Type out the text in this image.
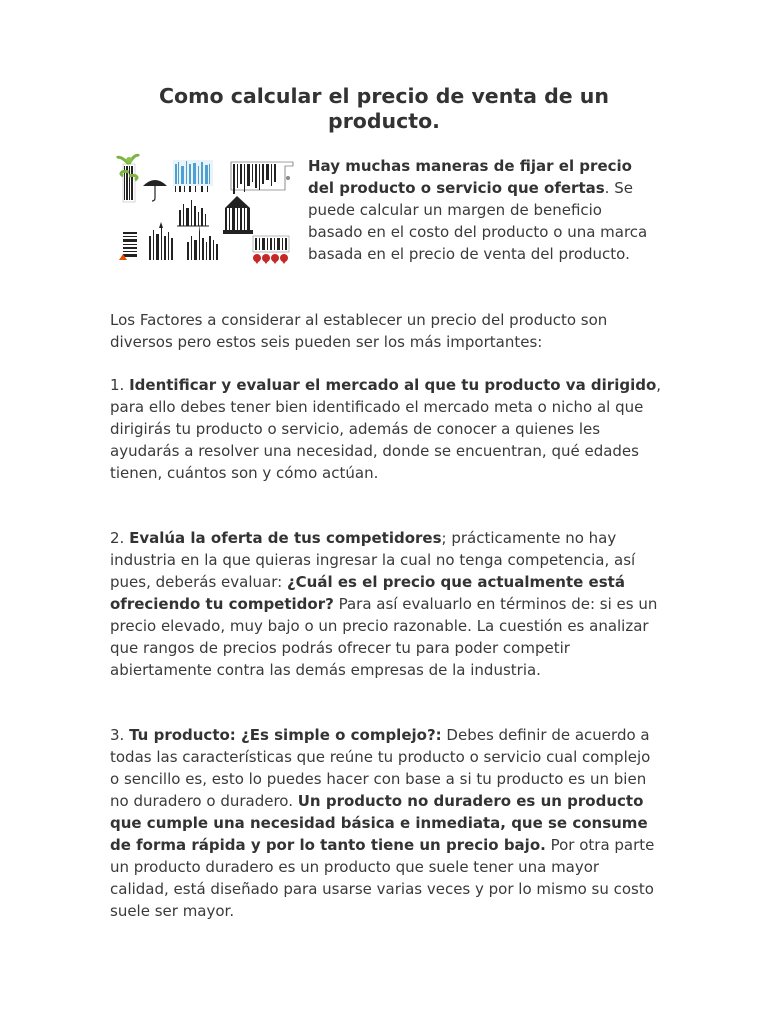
Como calcular el precio de venta de un producto.

Hay muchas maneras de fijar el precio del producto o servicio que ofertas. Se puede calcular un margen de beneficio basado en el costo del producto o una marca basada en el precio de venta del producto.

Los Factores a considerar al establecer un precio del producto son diversos pero estos seis pueden ser los más importantes:

1. Identificar y evaluar el mercado al que tu producto va dirigido, para ello debes tener bien identificado el mercado meta o nicho al que dirigirás tu producto o servicio, además de conocer a quienes les ayudarás a resolver una necesidad, donde se encuentran, qué edades tienen, cuántos son y cómo actúan.

2. Evalúa la oferta de tus competidores; prácticamente no hay industria en la que quieras ingresar la cual no tenga competencia, así pues, deberás evaluar: ¿Cuál es el precio que actualmente está ofreciendo tu competidor? Para así evaluarlo en términos de: si es un precio elevado, muy bajo o un precio razonable. La cuestión es analizar que rangos de precios podrás ofrecer tu para poder competir abiertamente contra las demás empresas de la industria.

3. Tu producto: ¿Es simple o complejo?: Debes definir de acuerdo a todas las características que reúne tu producto o servicio cual complejo o sencillo es, esto lo puedes hacer con base a si tu producto es un bien no duradero o duradero. Un producto no duradero es un producto que cumple una necesidad básica e inmediata, que se consume de forma rápida y por lo tanto tiene un precio bajo. Por otra parte un producto duradero es un producto que suele tener una mayor calidad, está diseñado para usarse varias veces y por lo mismo su costo suele ser mayor.
